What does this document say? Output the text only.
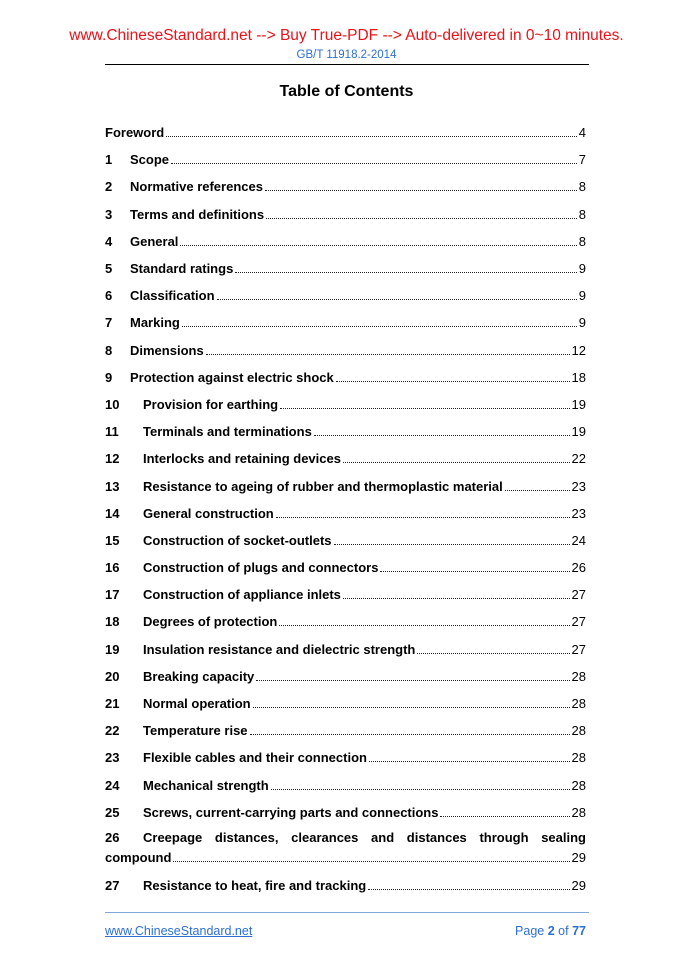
www.ChineseStandard.net --> Buy True-PDF --> Auto-delivered in 0~10 minutes.
GB/T 11918.2-2014
Table of Contents
Foreword	4
1	Scope	7
2	Normative references	8
3	Terms and definitions	8
4	General	8
5	Standard ratings	9
6	Classification	9
7	Marking	9
8	Dimensions	12
9	Protection against electric shock	18
10	Provision for earthing	19
11	Terminals and terminations	19
12	Interlocks and retaining devices	22
13	Resistance to ageing of rubber and thermoplastic material	23
14	General construction	23
15	Construction of socket-outlets	24
16	Construction of plugs and connectors	26
17	Construction of appliance inlets	27
18	Degrees of protection	27
19	Insulation resistance and dielectric strength	27
20	Breaking capacity	28
21	Normal operation	28
22	Temperature rise	28
23	Flexible cables and their connection	28
24	Mechanical strength	28
25	Screws, current-carrying parts and connections	28
26	Creepage distances, clearances and distances through sealing
compound	29
27	Resistance to heat, fire and tracking	29
www.ChineseStandard.net	Page 2 of 77
